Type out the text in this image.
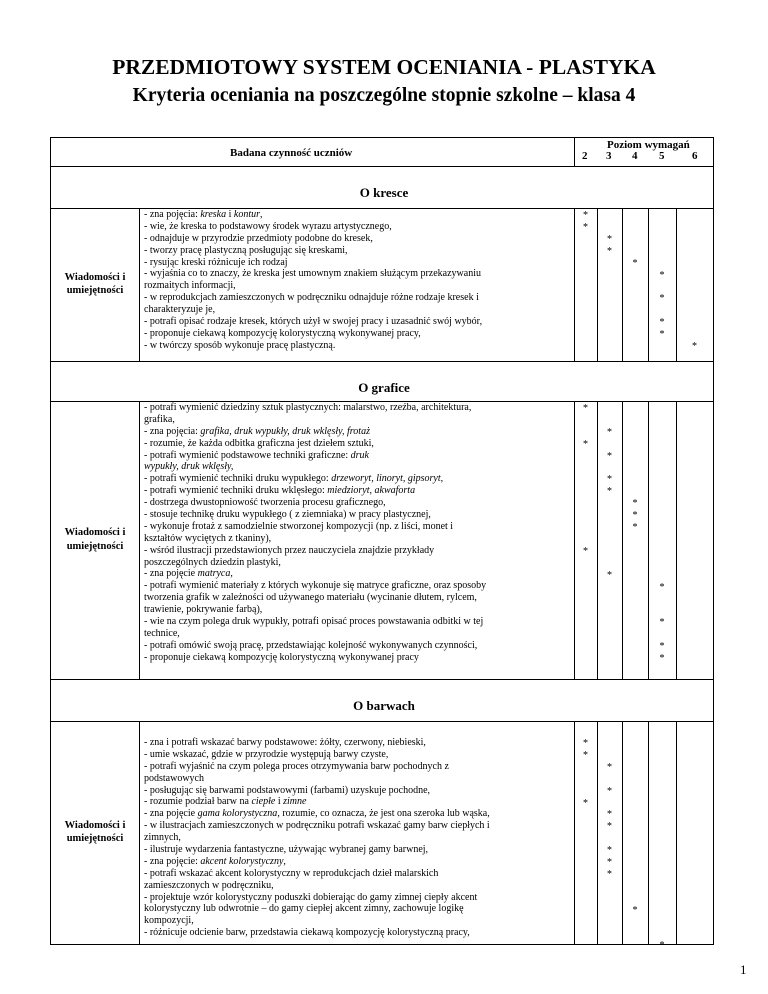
PRZEDMIOTOWY SYSTEM OCENIANIA - PLASTYKA
Kryteria oceniania na poszczególne stopnie szkolne – klasa 4
Badana czynność uczniów
Poziom wymagań
2 3 4 5	6
O kresce
Wiadomości i umiejętności
- zna pojęcia: kreska i kontur,
- wie, że kreska to podstawowy środek wyrazu artystycznego,
- odnajduje w przyrodzie przedmioty podobne do kresek,
- tworzy pracę plastyczną posługując się kreskami,
- rysując kreski różnicuje ich rodzaj
- wyjaśnia co to znaczy, że kreska jest umownym znakiem służącym przekazywaniu
rozmaitych informacji,
- w reprodukcjach zamieszczonych w podręczniku odnajduje różne rodzaje kresek i
charakteryzuje je,
- potrafi opisać rodzaje kresek, których użył w swojej pracy i uzasadnić swój wybór,
- proponuje ciekawą kompozycję kolorystyczną wykonywanej pracy,
- w twórczy sposób wykonuje pracę plastyczną.
*
*
*
*
*
*
*
*
*
*
O grafice
Wiadomości i umiejętności
- potrafi wymienić dziedziny sztuk plastycznych: malarstwo, rzeźba, architektura,
grafika,
- zna pojęcia: grafika, druk wypukły, druk wklęsły, frotaż
- rozumie, że każda odbitka graficzna jest dziełem sztuki,
- potrafi wymienić podstawowe techniki graficzne: druk
wypukły, druk wklęsły,
- potrafi wymienić techniki druku wypukłego: drzeworyt, linoryt, gipsoryt,
- potrafi wymienić techniki druku wklęsłego: miedzioryt, akwaforta
- dostrzega dwustopniowość tworzenia procesu graficznego,
- stosuje technikę druku wypukłego ( z ziemniaka) w pracy plastycznej,
- wykonuje frotaż z samodzielnie stworzonej kompozycji (np. z liści, monet i
kształtów wyciętych z tkaniny),
- wśród ilustracji przedstawionych przez nauczyciela znajdzie przykłady
poszczególnych dziedzin plastyki,
- zna pojęcie matryca,
- potrafi wymienić materiały z których wykonuje się matryce graficzne, oraz sposoby
tworzenia grafik w zależności od używanego materiału (wycinanie dłutem, rylcem,
trawienie, pokrywanie farbą),
- wie na czym polega druk wypukły, potrafi opisać proces powstawania odbitki w tej
technice,
- potrafi omówić swoją pracę, przedstawiając kolejność wykonywanych czynności,
- proponuje ciekawą kompozycję kolorystyczną wykonywanej pracy
*
*
*
*
*
*
*
*
*
*
*
*
*
*
*
O barwach
Wiadomości i umiejętności
- zna i potrafi wskazać barwy podstawowe: żółty, czerwony, niebieski,
- umie wskazać, gdzie w przyrodzie występują barwy czyste,
- potrafi wyjaśnić na czym polega proces otrzymywania barw pochodnych z
podstawowych
- posługując się barwami podstawowymi (farbami) uzyskuje pochodne,
- rozumie podział barw na ciepłe i zimne
- zna pojęcie gama kolorystyczna, rozumie, co oznacza, że jest ona szeroka lub wąska,
- w ilustracjach zamieszczonych w podręczniku potrafi wskazać gamy barw ciepłych i
zimnych,
- ilustruje wydarzenia fantastyczne, używając wybranej gamy barwnej,
- zna pojęcie: akcent kolorystyczny,
- potrafi wskazać akcent kolorystyczny w reprodukcjach dzieł malarskich
zamieszczonych w podręczniku,
- projektuje wzór kolorystyczny poduszki dobierając do gamy zimnej ciepły akcent
kolorystyczny lub odwrotnie – do gamy ciepłej akcent zimny, zachowuje logikę
kompozycji,
- różnicuje odcienie barw, przedstawia ciekawą kompozycję kolorystyczną pracy,
*
*
*
*
*
*
*
*
*
*
*
*
1
